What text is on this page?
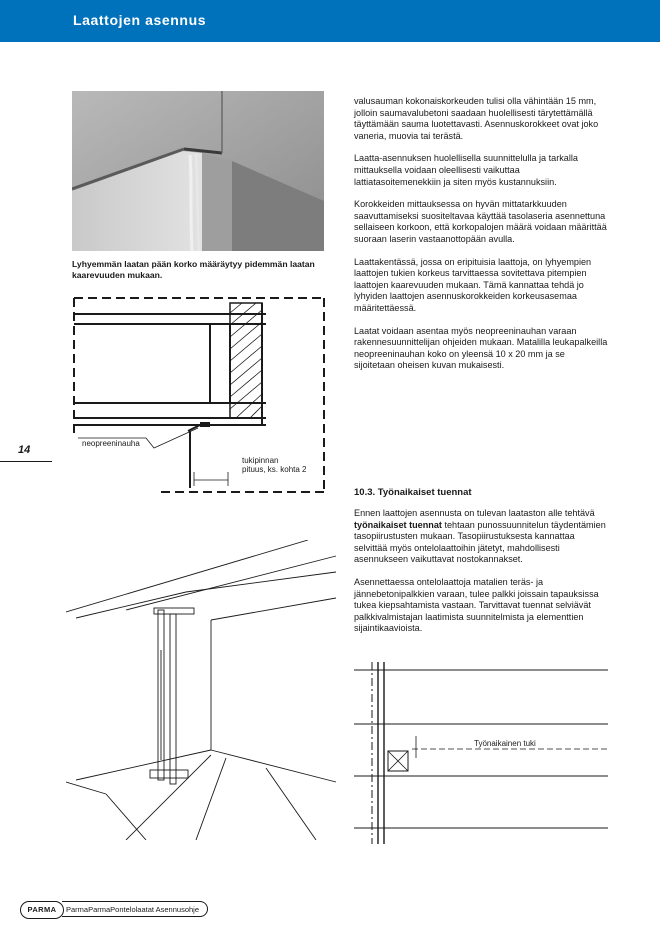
Laattojen asennus
Lyhyemmän laatan pään korko määräytyy pidemmän laatan kaarevuuden mukaan.
neopreeninauha
tukipinnan
pituus, ks. kohta 2
14

valusauman kokonaiskorkeuden tulisi olla vähintään 15 mm, jolloin saumavalubetoni saadaan huolellisesti tärytettämällä täyttämään sauma luotettavasti. Asennuskorokkeet ovat joko vaneria, muovia tai terästä.

Laatta-asennuksen huolellisella suunnittelulla ja tarkalla mittauksella voidaan oleellisesti vaikuttaa lattiatasoitemenekkiin ja siten myös kustannuksiin.

Korokkeiden mittauksessa on hyvän mittatarkkuuden saavuttamiseksi suositeltavaa käyttää tasolaseria asennettuna sellaiseen korkoon, että korkopalojen määrä voidaan määrittää suoraan laserin vastaanottopään avulla.

Laattakentässä, jossa on eripituisia laattoja, on lyhyempien laattojen tukien korkeus tarvittaessa sovitettava pitempien laattojen kaarevuuden mukaan. Tämä kannattaa tehdä jo lyhyiden laattojen asennuskorokkeiden korkeusasemaa määritettäessä.

Laatat voidaan asentaa myös neopreeninauhan varaan rakennesuunnittelijan ohjeiden mukaan. Matalilla leukapalkeilla neopreeninauhan koko on yleensä 10 x 20 mm ja se sijoitetaan oheisen kuvan mukaisesti.

10.3. Työnaikaiset tuennat

Ennen laattojen asennusta on tulevan laataston alle tehtävä työnaikaiset tuennat tehtaan punossuunnitelun täydentämien tasopiirustusten mukaan. Tasopiirustuksesta kannattaa selvittää myös ontelolaattoihin jätetyt, mahdollisesti asennukseen vaikuttavat nostokannakset.

Asennettaessa ontelolaattoja matalien teräs- ja jännebetonipalkkien varaan, tulee palkki joissain tapauksissa tukea kiepsahtamista vastaan. Tarvittavat tuennat selviävät palkkivalmistajan laatimista suunnitelmista ja elementtien sijaintikaavioista.

Työnaikainen tuki
PARMA	ParmaParmaPontelolaatat Asennusohje
